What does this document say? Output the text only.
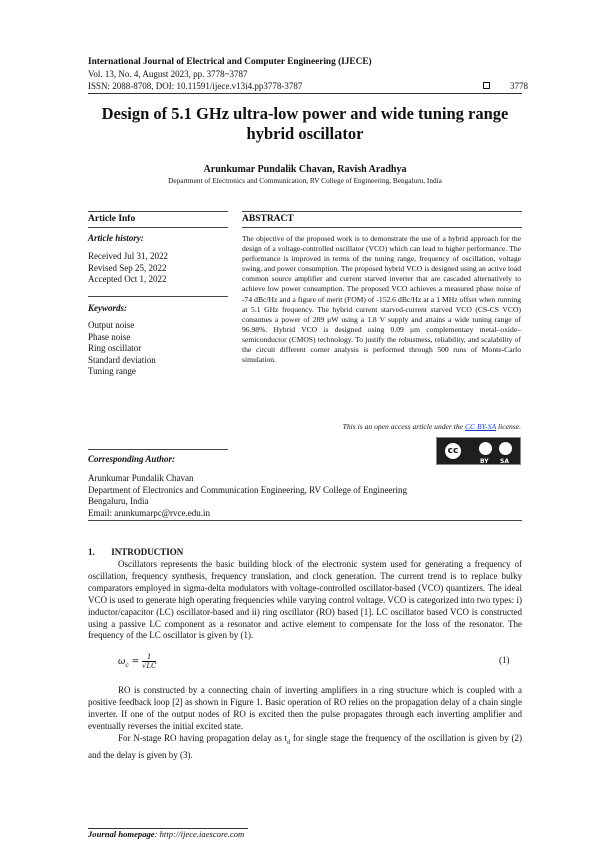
International Journal of Electrical and Computer Engineering (IJECE)
Vol. 13, No. 4, August 2023, pp. 3778~3787
ISSN: 2088-8708, DOI: 10.11591/ijece.v13i4.pp3778-3787	3778
Design of 5.1 GHz ultra-low power and wide tuning range
hybrid oscillator
Arunkumar Pundalik Chavan, Ravish Aradhya
Department of Electronics and Communication, RV College of Engineering, Bengaluru, India
Article Info	ABSTRACT
Article history:
Received Jul 31, 2022
Revised Sep 25, 2022
Accepted Oct 1, 2022
Keywords:
Output noise
Phase noise
Ring oscillator
Standard deviation
Tuning range
The objective of the proposed work is to demonstrate the use of a hybrid approach for the design of a voltage-controlled oscillator (VCO) which can lead to higher performance. The performance is improved in terms of the tuning range, frequency of oscillation, voltage swing, and power consumption. The proposed hybrid VCO is designed using an active load common source amplifier and current starved inverter that are cascaded alternatively to achieve low power consumption. The proposed VCO achieves a measured phase noise of -74 dBc/Hz and a figure of merit (FOM) of -152.6 dBc/Hz at a 1 MHz offset when running at 5.1 GHz frequency. The hybrid current starved-current starved VCO (CS-CS VCO) consumes a power of 289 μW using a 1.8 V supply and attains a wide tuning range of 96.98%. Hybrid VCO is designed using 0.09 μm complementary metal–oxide–semiconductor (CMOS) technology. To justify the robustness, reliability, and scalability of the circuit different corner analysis is performed through 500 runs of Monte-Carlo simulation.
This is an open access article under the CC BY-SA license.
cc
BY SA
Corresponding Author:
Arunkumar Pundalik Chavan
Department of Electronics and Communication Engineering, RV College of Engineering
Bengaluru, India
Email: arunkumarpc@rvce.edu.in
1. INTRODUCTION
Oscillators represents the basic building block of the electronic system used for generating a frequency of oscillation, frequency synthesis, frequency translation, and clock generation. The current trend is to replace bulky comparators employed in sigma-delta modulators with voltage-controlled oscillator-based (VCO) quantizers. The ideal VCO is used to generate high operating frequencies while varying control voltage. VCO is categorized into two types: i) inductor/capacitor (LC) oscillator-based and ii) ring oscillator (RO) based [1]. LC oscillator based VCO is constructed using a passive LC component as a resonator and active element to compensate for the loss of the resonator. The frequency of the LC oscillator is given by (1).
$\omega_c = \frac{1}{√LC}$	(1)
RO is constructed by a connecting chain of inverting amplifiers in a ring structure which is coupled with a positive feedback loop [2] as shown in Figure 1. Basic operation of RO relies on the propagation delay of a chain single inverter. If one of the output nodes of RO is excited then the pulse propagates through each inverting amplifier and eventually reverses the initial excited state.
For N-stage RO having propagation delay as $t_d$ for single stage the frequency of the oscillation is given by (2) and the delay is given by (3).
Journal homepage: http://ijece.iaescore.com
